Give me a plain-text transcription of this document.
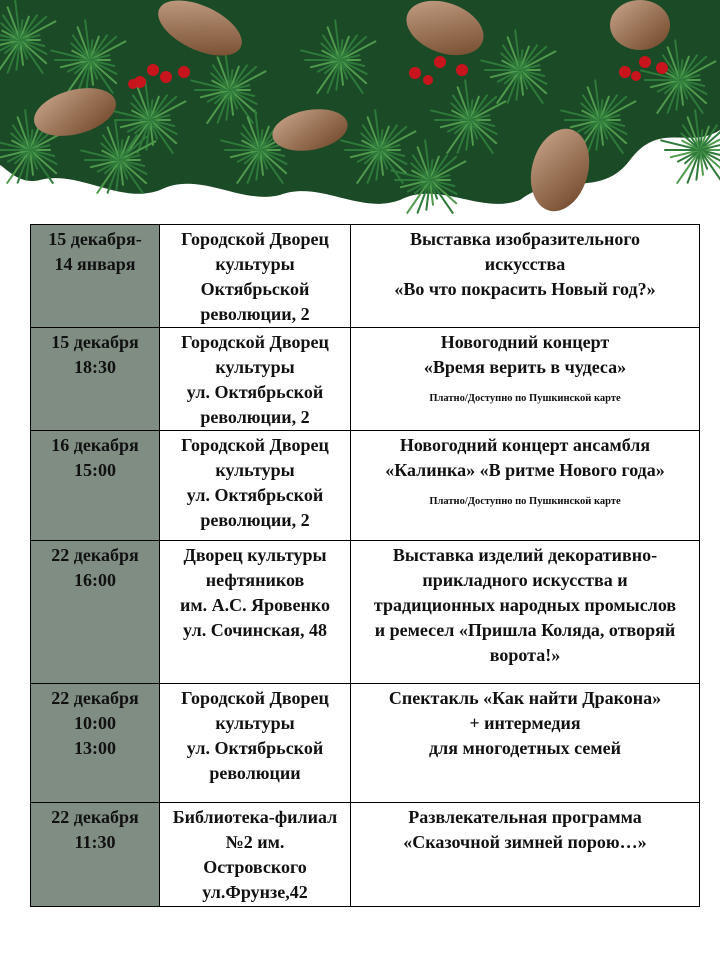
15 декабря-
14 января	Городской Дворец
культуры
Октябрьской
революции, 2	Выставка изобразительного
искусства
«Во что покрасить Новый год?»

15 декабря
18:30	Городской Дворец
культуры
ул. Октябрьской
революции, 2	Новогодний концерт
«Время верить в чудеса»
Платно/Доступно по Пушкинской карте

16 декабря
15:00	Городской Дворец
культуры
ул. Октябрьской
революции, 2	Новогодний концерт ансамбля
«Калинка» «В ритме Нового года»
Платно/Доступно по Пушкинской карте

22 декабря
16:00	Дворец культуры
нефтяников
им. А.С. Яровенко
ул. Сочинская, 48	Выставка изделий декоративно-
прикладного искусства и
традиционных народных промыслов
и ремесел «Пришла Коляда, отворяй
ворота!»

22 декабря
10:00
13:00	Городской Дворец
культуры
ул. Октябрьской
революции	Спектакль «Как найти Дракона»
+ интермедия
для многодетных семей

22 декабря
11:30	Библиотека-филиал
№2 им.
Островского
ул.Фрунзе,42	Развлекательная программа
«Сказочной зимней порою…»
